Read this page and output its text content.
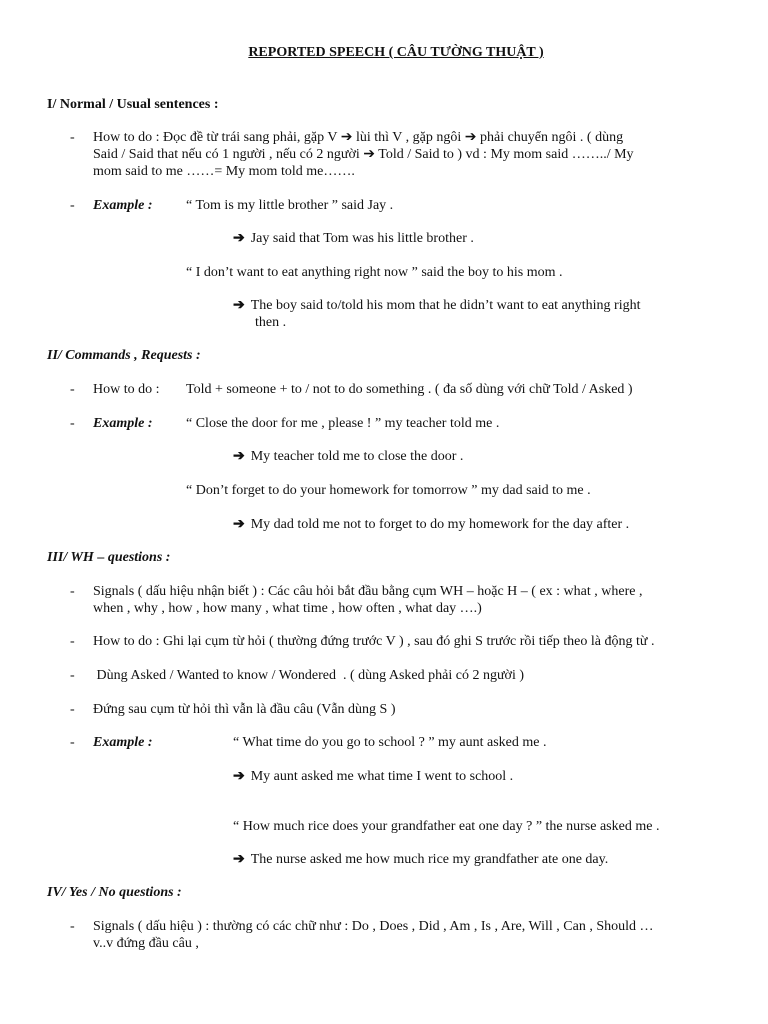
REPORTED SPEECH ( CÂU TƯỜNG THUẬT )
I/ Normal / Usual sentences :
- How to do : Đọc đề từ trái sang phải, gặp V ➔ lùi thì V , gặp ngôi ➔ phải chuyển ngôi . ( dùng
Said / Said that nếu có 1 người , nếu có 2 người ➔ Told / Said to ) vd : My mom said ……../ My
mom said to me ……= My mom told me…….
- Example : “ Tom is my little brother ” said Jay .
➔ Jay said that Tom was his little brother .
“ I don’t want to eat anything right now ” said the boy to his mom .
➔ The boy said to/told his mom that he didn’t want to eat anything right
then .
II/ Commands , Requests :
- How to do : Told + someone + to / not to do something . ( đa số dùng với chữ Told / Asked )
- Example : “ Close the door for me , please ! ” my teacher told me .
➔ My teacher told me to close the door .
“ Don’t forget to do your homework for tomorrow ” my dad said to me .
➔ My dad told me not to forget to do my homework for the day after .
III/ WH – questions :
- Signals ( dấu hiệu nhận biết ) : Các câu hỏi bắt đầu bằng cụm WH – hoặc H – ( ex : what , where ,
when , why , how , how many , what time , how often , what day ….)
- How to do : Ghi lại cụm từ hỏi ( thường đứng trước V ) , sau đó ghi S trước rồi tiếp theo là động từ .
- Dùng Asked / Wanted to know / Wondered  . ( dùng Asked phải có 2 người )
- Đứng sau cụm từ hỏi thì vẫn là đầu câu (Vẫn dùng S )
- Example :	“ What time do you go to school ? ” my aunt asked me .
➔ My aunt asked me what time I went to school .
“ How much rice does your grandfather eat one day ? ” the nurse asked me .
➔ The nurse asked me how much rice my grandfather ate one day.
IV/ Yes / No questions :
- Signals ( dấu hiệu ) : thường có các chữ như : Do , Does , Did , Am , Is , Are, Will , Can , Should …
v..v đứng đầu câu ,
